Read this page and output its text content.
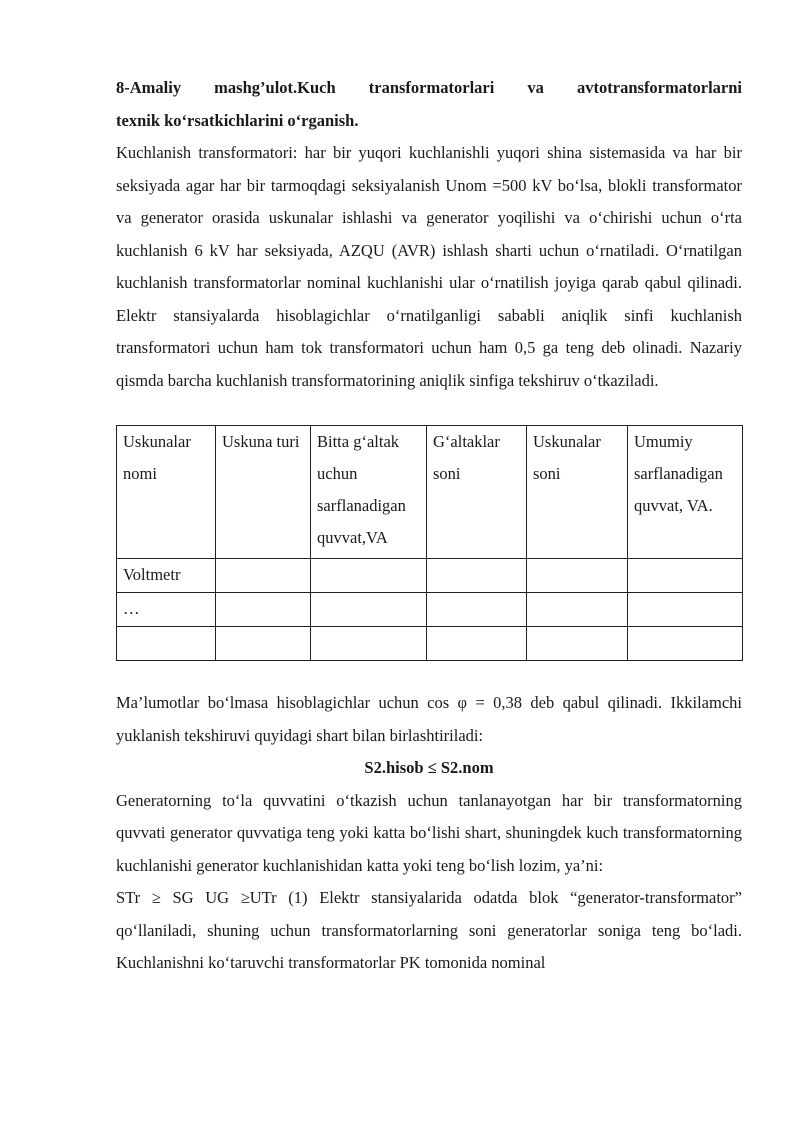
8-Amaliy mashg’ulot.Kuch transformatorlari va avtotransformatorlarni

texnik ko‘rsatkichlarini o‘rganish.

Kuchlanish transformatori: har bir yuqori kuchlanishli yuqori shina sistemasida va har bir seksiyada agar har bir tarmoqdagi seksiyalanish Unom =500 kV bo‘lsa, blokli transformator va generator orasida uskunalar ishlashi va generator yoqilishi va o‘chirishi uchun o‘rta kuchlanish 6 kV har seksiyada, AZQU (AVR) ishlash sharti uchun o‘rnatiladi. O‘rnatilgan kuchlanish transformatorlar nominal kuchlanishi ular o‘rnatilish joyiga qarab qabul qilinadi. Elektr stansiyalarda hisoblagichlar o‘rnatilganligi sababli aniqlik sinfi kuchlanish transformatori uchun ham tok transformatori uchun ham 0,5 ga teng deb olinadi. Nazariy qismda barcha kuchlanish transformatorining aniqlik sinfiga tekshiruv o‘tkaziladi.

Uskunalar nomi	Uskuna turi	Bitta g‘altak uchun sarflanadigan quvvat,VA	G‘altaklar soni	Uskunalar soni	Umumiy sarflanadigan quvvat, VA.
Voltmetr					
…					

Ma’lumotlar bo‘lmasa hisoblagichlar uchun cos φ = 0,38 deb qabul qilinadi. Ikkilamchi yuklanish tekshiruvi quyidagi shart bilan birlashtiriladi:

S2.hisob ≤ S2.nom

Generatorning to‘la quvvatini o‘tkazish uchun tanlanayotgan har bir transformatorning quvvati generator quvvatiga teng yoki katta bo‘lishi shart, shuningdek kuch transformatorning kuchlanishi generator kuchlanishidan katta yoki teng bo‘lish lozim, ya’ni:

STr ≥ SG UG ≥UTr (1) Elektr stansiyalarida odatda blok “generator-transformator” qo‘llaniladi, shuning uchun transformatorlarning soni generatorlar soniga teng bo‘ladi. Kuchlanishni ko‘taruvchi transformatorlar PK tomonida nominal
